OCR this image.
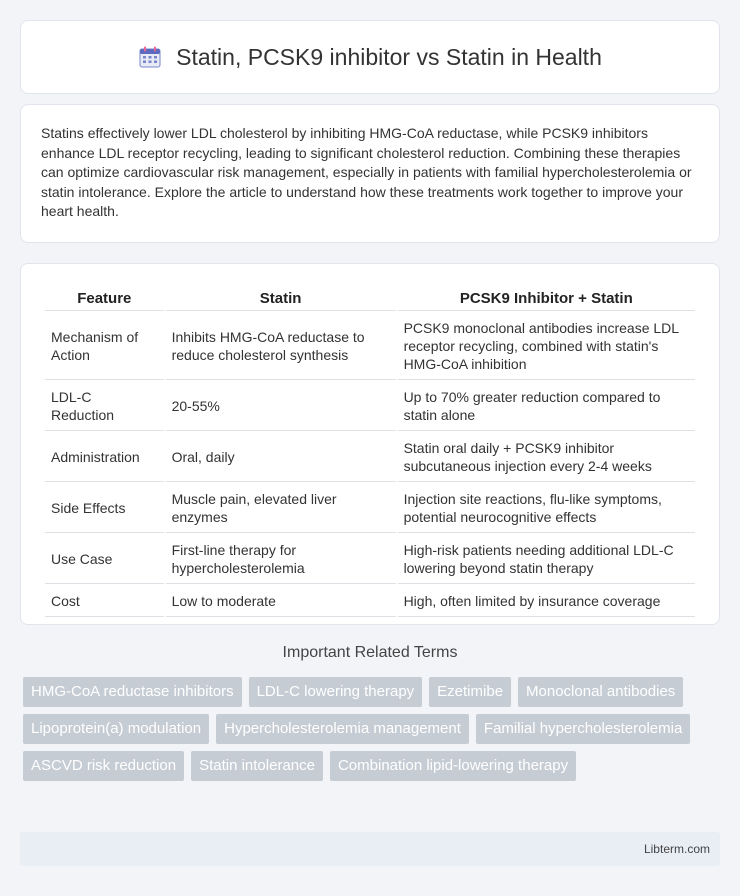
Statin, PCSK9 inhibitor vs Statin in Health

Statins effectively lower LDL cholesterol by inhibiting HMG-CoA reductase, while PCSK9 inhibitors enhance LDL receptor recycling, leading to significant cholesterol reduction. Combining these therapies can optimize cardiovascular risk management, especially in patients with familial hypercholesterolemia or statin intolerance. Explore the article to understand how these treatments work together to improve your heart health.

Feature	Statin	PCSK9 Inhibitor + Statin
Mechanism of Action	Inhibits HMG-CoA reductase to reduce cholesterol synthesis	PCSK9 monoclonal antibodies increase LDL receptor recycling, combined with statin's HMG-CoA inhibition
LDL-C Reduction	20-55%	Up to 70% greater reduction compared to statin alone
Administration	Oral, daily	Statin oral daily + PCSK9 inhibitor subcutaneous injection every 2-4 weeks
Side Effects	Muscle pain, elevated liver enzymes	Injection site reactions, flu-like symptoms, potential neurocognitive effects
Use Case	First-line therapy for hypercholesterolemia	High-risk patients needing additional LDL-C lowering beyond statin therapy
Cost	Low to moderate	High, often limited by insurance coverage
Important Related Terms
HMG-CoA reductase inhibitors	LDL-C lowering therapy	Ezetimibe	Monoclonal antibodies
Lipoprotein(a) modulation	Hypercholesterolemia management	Familial hypercholesterolemia
ASCVD risk reduction	Statin intolerance	Combination lipid-lowering therapy
Libterm.com
